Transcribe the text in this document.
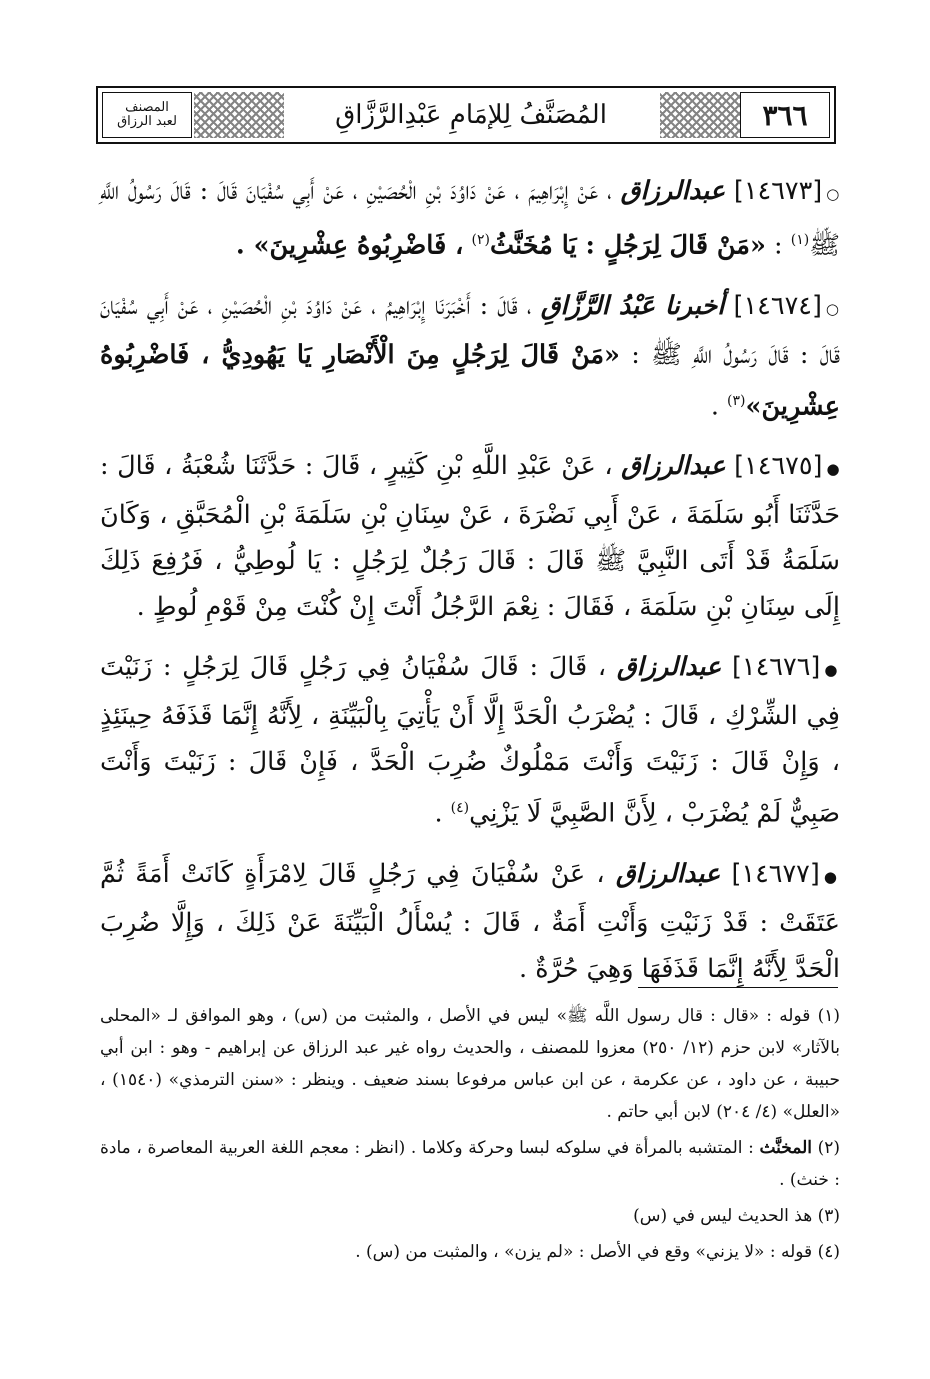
المصنف
لعبد الرزاق	المُصَنَّفُ لِلإمَامِ عَبْدِالرَّزَّاقِ	٣٦٦

○[١٤٦٧٣] عبدالرزاق ، عَنْ إِبْرَاهِيمَ ، عَنْ دَاوُدَ بْنِ الْحُصَيْنِ ، عَنْ أَبِي سُفْيَانَ قَالَ : قَالَ رَسُولُ اللَّهِ ﷺ$^{(١)}$ : «مَنْ قَالَ لِرَجُلٍ : يَا مُخَنَّثُ$^{(٢)}$ ، فَاضْرِبُوهُ عِشْرِينَ» .

○[١٤٦٧٤] أخبرنا عَبْدُ الرَّزَّاقِ ، قَالَ : أَخْبَرَنَا إِبْرَاهِيمُ ، عَنْ دَاوُدَ بْنِ الْحُصَيْنِ ، عَنْ أَبِي سُفْيَانَ قَالَ : قَالَ رَسُولُ اللَّهِ ﷺ : «مَنْ قَالَ لِرَجُلٍ مِنَ الْأَنْصَارِ يَا يَهُودِيُّ ، فَاضْرِبُوهُ عِشْرِينَ»$^{(٣)}$ .

●[١٤٦٧٥] عبدالرزاق ، عَنْ عَبْدِ اللَّهِ بْنِ كَثِيرٍ ، قَالَ : حَدَّثَنَا شُعْبَةُ ، قَالَ : حَدَّثَنَا أَبُو سَلَمَةَ ، عَنْ أَبِي نَضْرَةَ ، عَنْ سِنَانِ بْنِ سَلَمَةَ بْنِ الْمُحَبَّقِ ، وَكَانَ سَلَمَةُ قَدْ أَتَى النَّبِيَّ ﷺ قَالَ : قَالَ رَجُلٌ لِرَجُلٍ : يَا لُوطِيُّ ، فَرُفِعَ ذَلِكَ إِلَى سِنَانِ بْنِ سَلَمَةَ ، فَقَالَ : نِعْمَ الرَّجُلُ أَنْتَ إِنْ كُنْتَ مِنْ قَوْمِ لُوطٍ .

●[١٤٦٧٦] عبدالرزاق ، قَالَ : قَالَ سُفْيَانُ فِي رَجُلٍ قَالَ لِرَجُلٍ : زَنَيْتَ فِي الشِّرْكِ ، قَالَ : يُضْرَبُ الْحَدَّ إِلَّا أَنْ يَأْتِيَ بِالْبَيِّنَةِ ، لِأَنَّهُ إِنَّمَا قَذَفَهُ حِينَئِذٍ ، وَإِنْ قَالَ : زَنَيْتَ وَأَنْتَ مَمْلُوكٌ ضُرِبَ الْحَدَّ ، فَإِنْ قَالَ : زَنَيْتَ وَأَنْتَ صَبِيٌّ لَمْ يُضْرَبْ ، لِأَنَّ الصَّبِيَّ لَا يَزْنِي$^{(٤)}$ .

●[١٤٦٧٧] عبدالرزاق ، عَنْ سُفْيَانَ فِي رَجُلٍ قَالَ لِامْرَأَةٍ كَانَتْ أَمَةً ثُمَّ عَتَقَتْ : قَدْ زَنَيْتِ وَأَنْتِ أَمَةٌ ، قَالَ : يُسْأَلُ الْبَيِّنَةَ عَنْ ذَلِكَ ، وَإِلَّا ضُرِبَ الْحَدَّ لِأَنَّهُ إِنَّمَا قَذَفَهَا وَهِيَ حُرَّةٌ .

(١) قوله : «قال : قال رسول اللَّه ﷺ» ليس في الأصل ، والمثبت من (س) ، وهو الموافق لـ «المحلى بالآثار» لابن حزم (١٢/ ٢٥٠) معزوا للمصنف ، والحديث رواه غير عبد الرزاق عن إبراهيم - وهو : ابن أبي حبيبة ، عن داود ، عن عكرمة ، عن ابن عباس مرفوعا بسند ضعيف . وينظر : «سنن الترمذي» (١٥٤٠) ، «العلل» (٤/ ٢٠٤) لابن أبي حاتم .

(٢) المخنَّث : المتشبه بالمرأة في سلوكه لبسا وحركة وكلاما . (انظر : معجم اللغة العربية المعاصرة ، مادة : خنث) .

(٣) هذ الحديث ليس في (س)

(٤) قوله : «لا يزني» وقع في الأصل : «لم يزن» ، والمثبت من (س) .
